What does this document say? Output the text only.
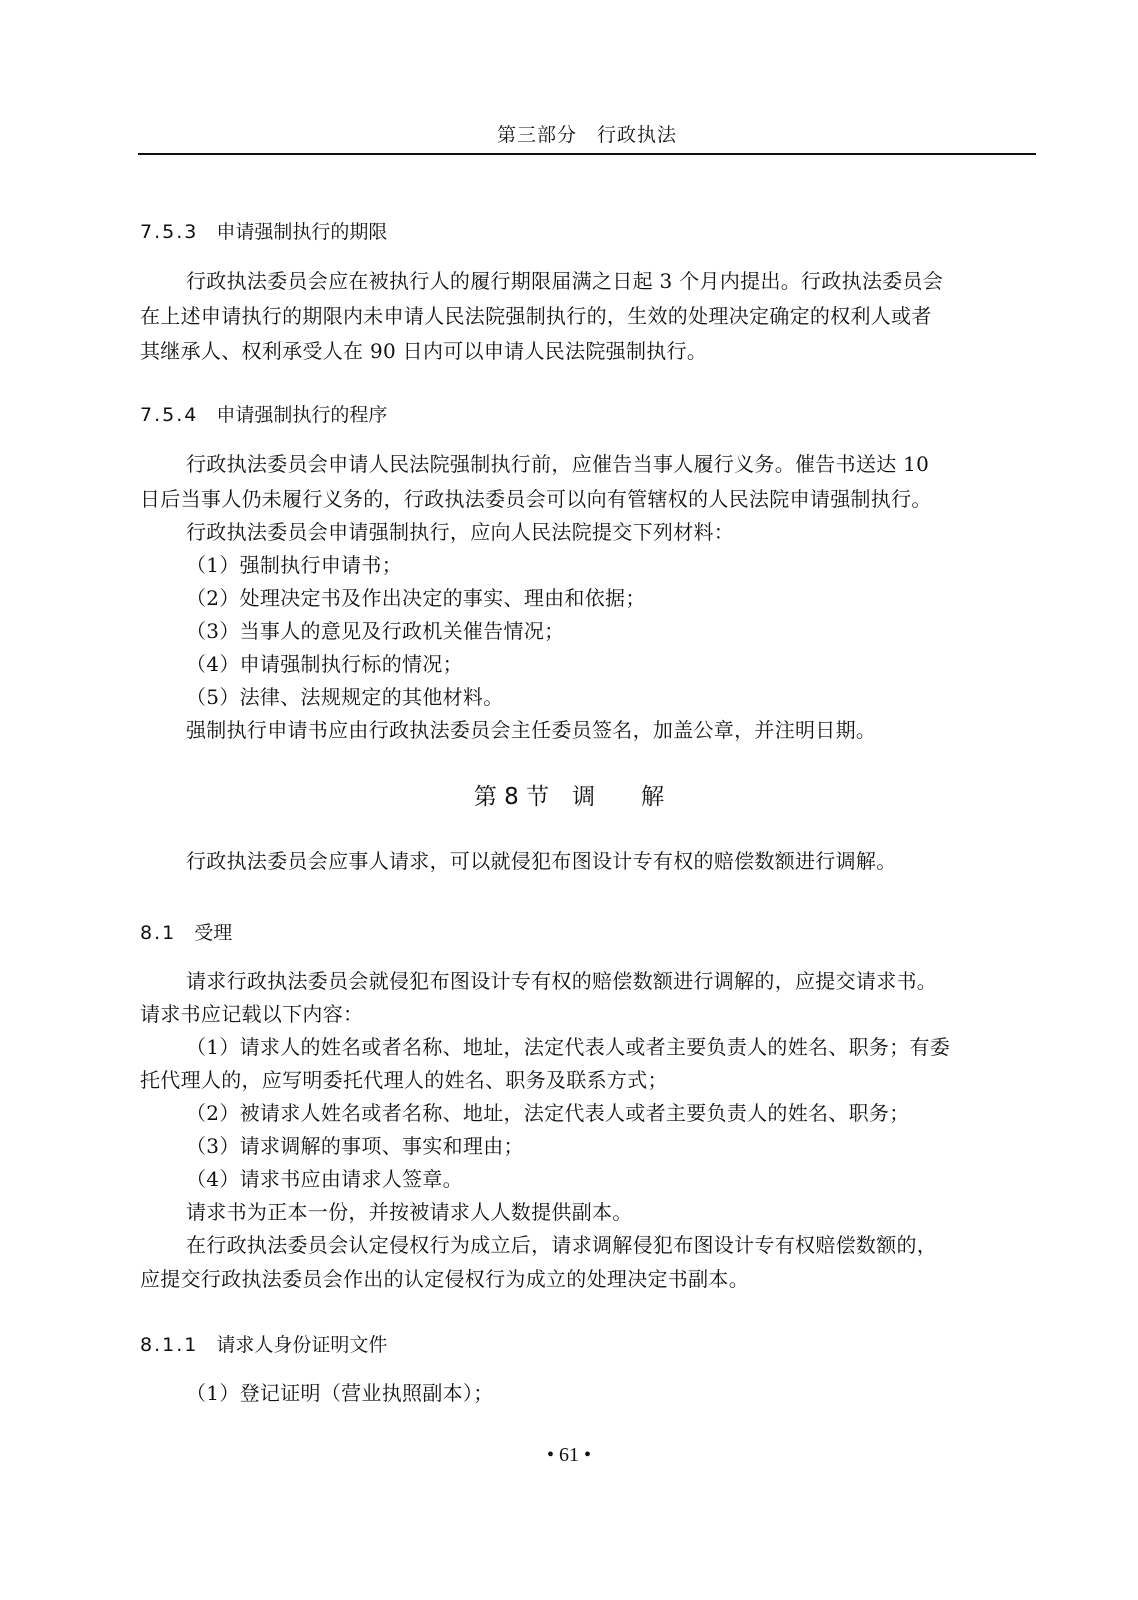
第三部分　行政执法
7.5.3 申请强制执行的期限
行政执法委员会应在被执行人的履行期限届满之日起 3 个月内提出。行政执法委员会
在上述申请执行的期限内未申请人民法院强制执行的，生效的处理决定确定的权利人或者
其继承人、权利承受人在 90 日内可以申请人民法院强制执行。
7.5.4 申请强制执行的程序
行政执法委员会申请人民法院强制执行前，应催告当事人履行义务。催告书送达 10
日后当事人仍未履行义务的，行政执法委员会可以向有管辖权的人民法院申请强制执行。
行政执法委员会申请强制执行，应向人民法院提交下列材料：
（1）强制执行申请书；
（2）处理决定书及作出决定的事实、理由和依据；
（3）当事人的意见及行政机关催告情况；
（4）申请强制执行标的情况；
（5）法律、法规规定的其他材料。
强制执行申请书应由行政执法委员会主任委员签名，加盖公章，并注明日期。
第 8 节　调　　解
行政执法委员会应事人请求，可以就侵犯布图设计专有权的赔偿数额进行调解。
8.1 受理
请求行政执法委员会就侵犯布图设计专有权的赔偿数额进行调解的，应提交请求书。
请求书应记载以下内容：
（1）请求人的姓名或者名称、地址，法定代表人或者主要负责人的姓名、职务；有委
托代理人的，应写明委托代理人的姓名、职务及联系方式；
（2）被请求人姓名或者名称、地址，法定代表人或者主要负责人的姓名、职务；
（3）请求调解的事项、事实和理由；
（4）请求书应由请求人签章。
请求书为正本一份，并按被请求人人数提供副本。
在行政执法委员会认定侵权行为成立后，请求调解侵犯布图设计专有权赔偿数额的，
应提交行政执法委员会作出的认定侵权行为成立的处理决定书副本。
8.1.1 请求人身份证明文件
（1）登记证明（营业执照副本）；
• 61 •
